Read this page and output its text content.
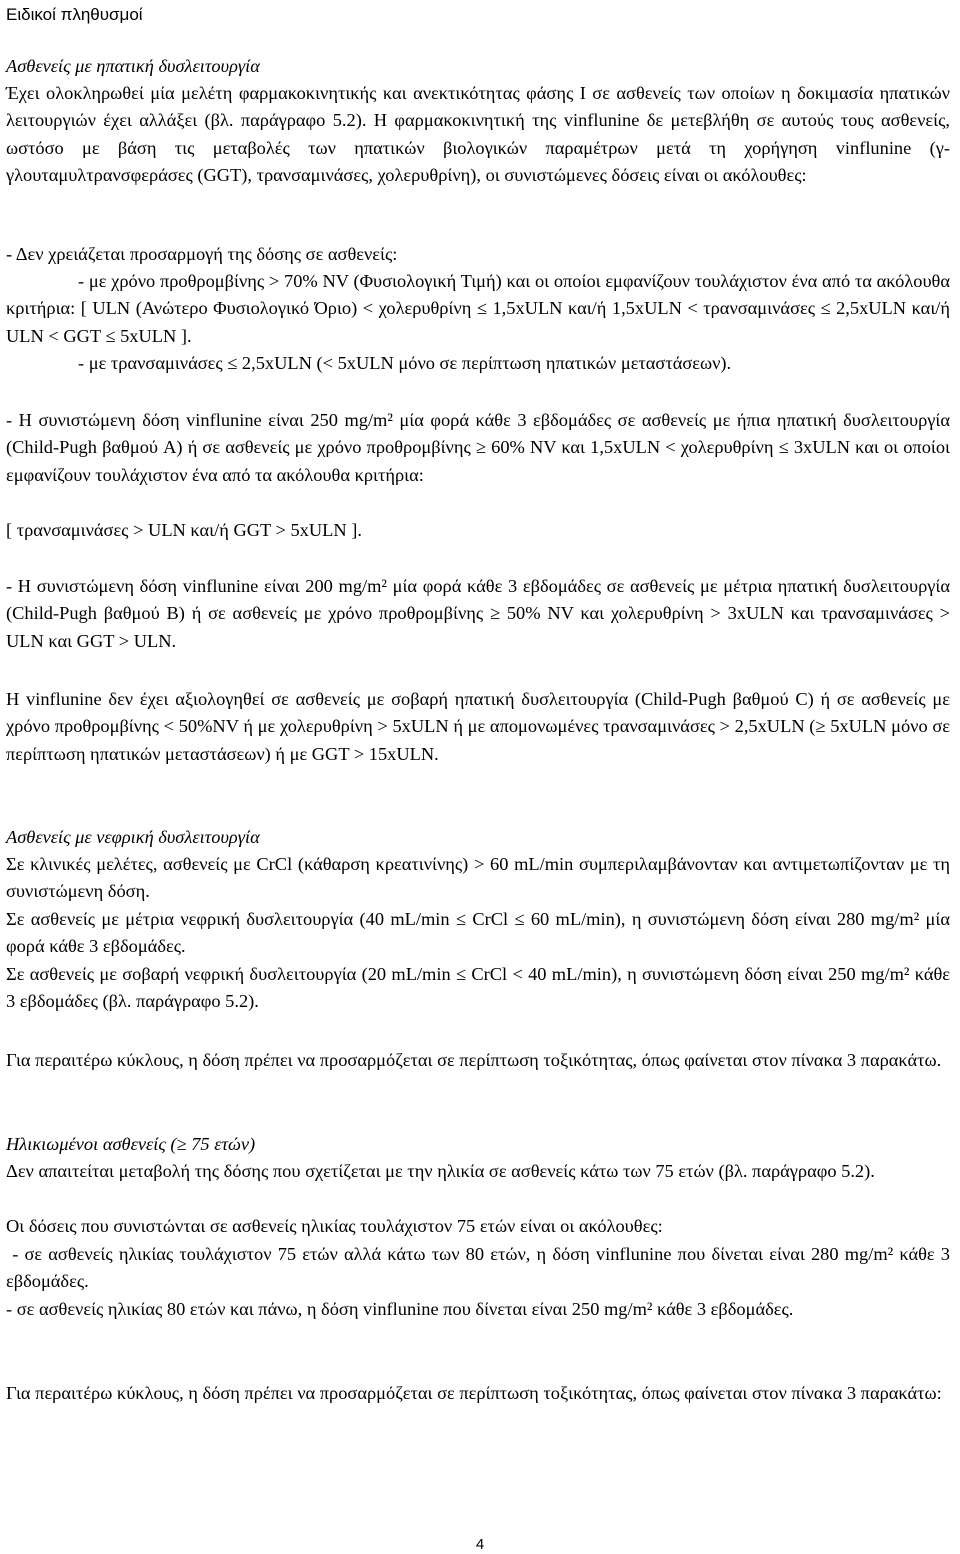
Ειδικοί πληθυσμοί

Ασθενείς με ηπατική δυσλειτουργία

Έχει ολοκληρωθεί μία μελέτη φαρμακοκινητικής και ανεκτικότητας φάσης I σε ασθενείς των οποίων η δοκιμασία ηπατικών λειτουργιών έχει αλλάξει (βλ. παράγραφο 5.2). Η φαρμακοκινητική της vinflunine δε μετεβλήθη σε αυτούς τους ασθενείς, ωστόσο με βάση τις μεταβολές των ηπατικών βιολογικών παραμέτρων μετά τη χορήγηση vinflunine (γ-γλουταμυλτρανσφεράσες (GGT), τρανσαμινάσες, χολερυθρίνη), οι συνιστώμενες δόσεις είναι οι ακόλουθες:

- Δεν χρειάζεται προσαρμογή της δόσης σε ασθενείς:

- με χρόνο προθρομβίνης > 70% NV (Φυσιολογική Τιμή) και οι οποίοι εμφανίζουν τουλάχιστον ένα από τα ακόλουθα κριτήρια: [ ULN (Ανώτερο Φυσιολογικό Όριο) < χολερυθρίνη ≤ 1,5xULN και/ή 1,5xULN < τρανσαμινάσες ≤ 2,5xULN και/ή ULN < GGT ≤ 5xULN ].

- με τρανσαμινάσες ≤ 2,5xULN (< 5xULN μόνο σε περίπτωση ηπατικών μεταστάσεων).

- Η συνιστώμενη δόση vinflunine είναι 250 mg/m² μία φορά κάθε 3 εβδομάδες σε ασθενείς με ήπια ηπατική δυσλειτουργία (Child-Pugh βαθμού A) ή σε ασθενείς με χρόνο προθρομβίνης ≥ 60% NV και 1,5xULN < χολερυθρίνη ≤ 3xULN και οι οποίοι εμφανίζουν τουλάχιστον ένα από τα ακόλουθα κριτήρια:

[ τρανσαμινάσες > ULN και/ή GGT > 5xULN ].

- Η συνιστώμενη δόση vinflunine είναι 200 mg/m² μία φορά κάθε 3 εβδομάδες σε ασθενείς με μέτρια ηπατική δυσλειτουργία (Child-Pugh βαθμού B) ή σε ασθενείς με χρόνο προθρομβίνης ≥ 50% NV και χολερυθρίνη > 3xULN και τρανσαμινάσες > ULN και GGT > ULN.

Η vinflunine δεν έχει αξιολογηθεί σε ασθενείς με σοβαρή ηπατική δυσλειτουργία (Child-Pugh βαθμού C) ή σε ασθενείς με χρόνο προθρομβίνης < 50%NV ή με χολερυθρίνη > 5xULN ή με απομονωμένες τρανσαμινάσες > 2,5xULN (≥ 5xULN μόνο σε περίπτωση ηπατικών μεταστάσεων) ή με GGT > 15xULN.

Ασθενείς με νεφρική δυσλειτουργία

Σε κλινικές μελέτες, ασθενείς με CrCl (κάθαρση κρεατινίνης) > 60 mL/min συμπεριλαμβάνονταν και αντιμετωπίζονταν με τη συνιστώμενη δόση.

Σε ασθενείς με μέτρια νεφρική δυσλειτουργία (40 mL/min ≤ CrCl ≤ 60 mL/min), η συνιστώμενη δόση είναι 280 mg/m² μία φορά κάθε 3 εβδομάδες.

Σε ασθενείς με σοβαρή νεφρική δυσλειτουργία (20 mL/min ≤ CrCl < 40 mL/min), η συνιστώμενη δόση είναι 250 mg/m² κάθε 3 εβδομάδες (βλ. παράγραφο 5.2).

Για περαιτέρω κύκλους, η δόση πρέπει να προσαρμόζεται σε περίπτωση τοξικότητας, όπως φαίνεται στον πίνακα 3 παρακάτω.

Ηλικιωμένοι ασθενείς (≥ 75 ετών)

Δεν απαιτείται μεταβολή της δόσης που σχετίζεται με την ηλικία σε ασθενείς κάτω των 75 ετών (βλ. παράγραφο 5.2).

Οι δόσεις που συνιστώνται σε ασθενείς ηλικίας τουλάχιστον 75 ετών είναι οι ακόλουθες:

- σε ασθενείς ηλικίας τουλάχιστον 75 ετών αλλά κάτω των 80 ετών, η δόση vinflunine που δίνεται είναι 280 mg/m² κάθε 3 εβδομάδες.

- σε ασθενείς ηλικίας 80 ετών και πάνω, η δόση vinflunine που δίνεται είναι 250 mg/m² κάθε 3 εβδομάδες.

Για περαιτέρω κύκλους, η δόση πρέπει να προσαρμόζεται σε περίπτωση τοξικότητας, όπως φαίνεται στον πίνακα 3 παρακάτω:

4
